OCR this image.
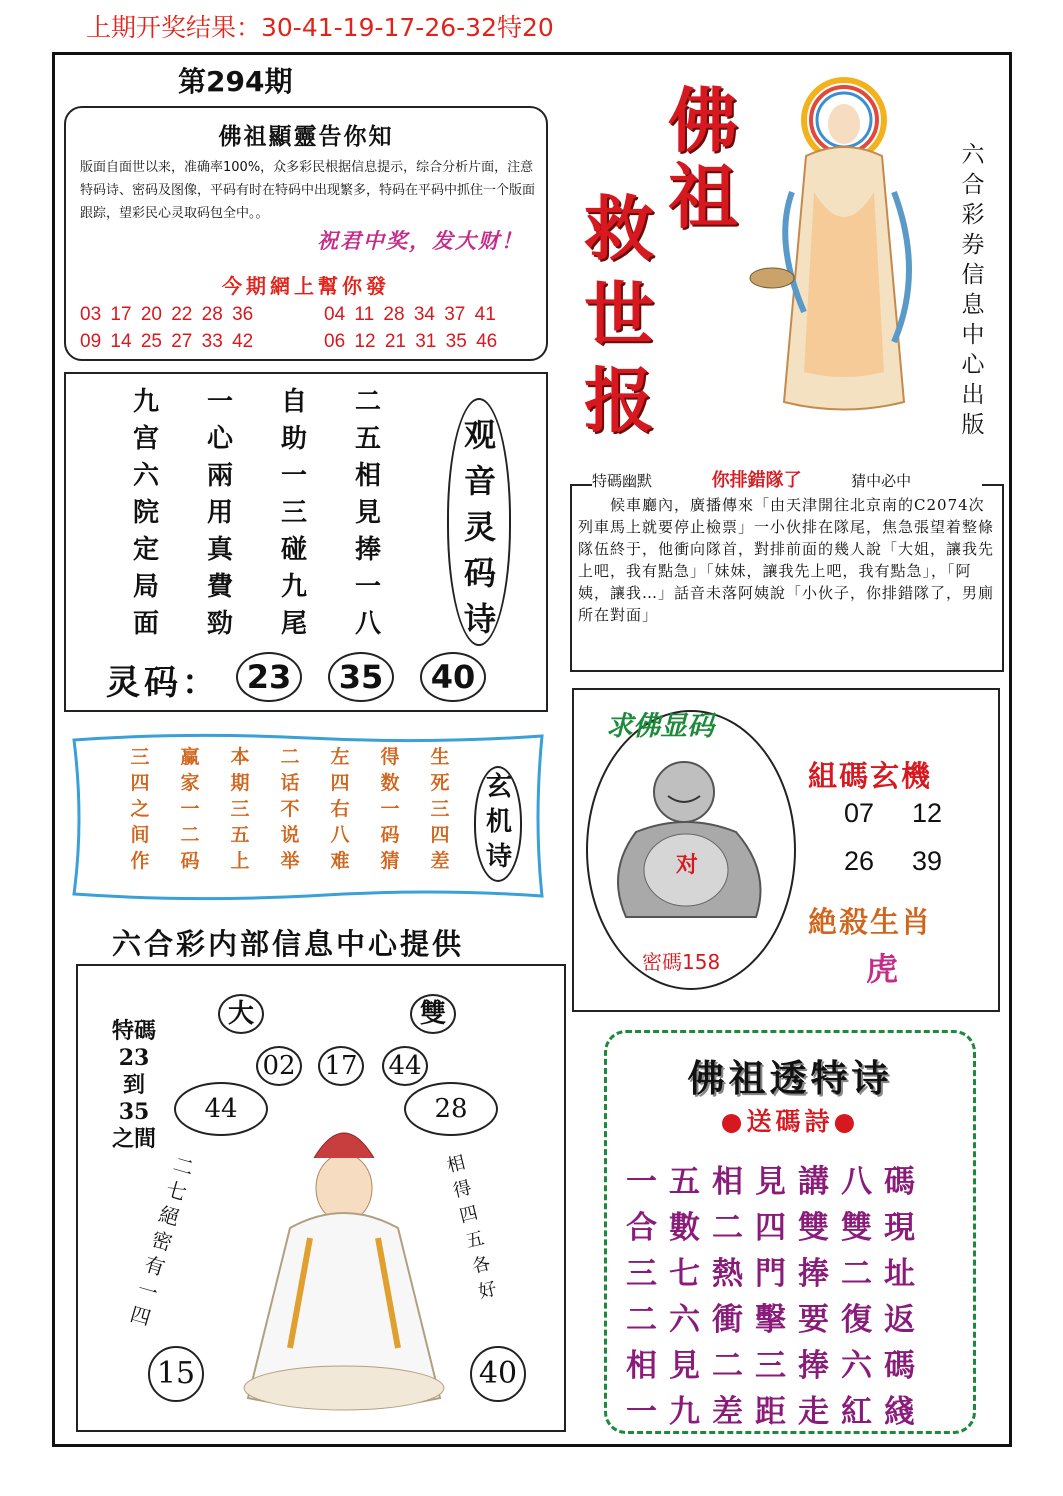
上期开奖结果：30-41-19-17-26-32特20
第294期
佛祖顯靈告你知
版面自面世以来，准确率100%，众多彩民根据信息提示，综合分析片面，注意特码诗、密码及图像，平码有时在特码中出现繁多，特码在平码中抓住一个版面跟踪，望彩民心灵取码包全中。。
祝君中奖，发大财！
今期網上幫你發
03 17 20 22 28 36
09 14 25 27 33 42
04 11 28 34 37 41
06 12 21 31 35 46
佛
祖
救
世
报
六合彩券信息中心出版
九宫六院定局面
一心兩用真費勁
自助一三碰九尾
二五相見捧一八
观音灵码诗
灵码： 23	35	40
特碼幽默	你排錯隊了	猜中必中
　　候車廳內，廣播傳來「由天津開往北京南的C2074次列車馬上就要停止檢票」一小伙排在隊尾，焦急張望着整條隊伍終于，他衝向隊首，對排前面的幾人說「大姐，讓我先上吧，我有點急」「妹妹，讓我先上吧，我有點急」，「阿姨，讓我…」話音未落阿姨說「小伙子，你排錯隊了，男廁所在對面」
三四之间作
赢家一二码
本期三五上
二话不说举
左四右八难
得数一码猜
生死三四差
玄机诗
六合彩内部信息中心提供
求佛显码
对
密碼158
組碼玄機
07 12
26 39
絶殺生肖
虎
大	雙
02 17 44
44	28
特碼23到35之間
二七絕密有一四
相得四五各好
15	40
佛祖透特诗
●送碼詩●
一五相見講八碼
合數二四雙雙現
三七熱門捧二址
二六衝擊要復返
相見二三捧六碼
一九差距走紅綫
